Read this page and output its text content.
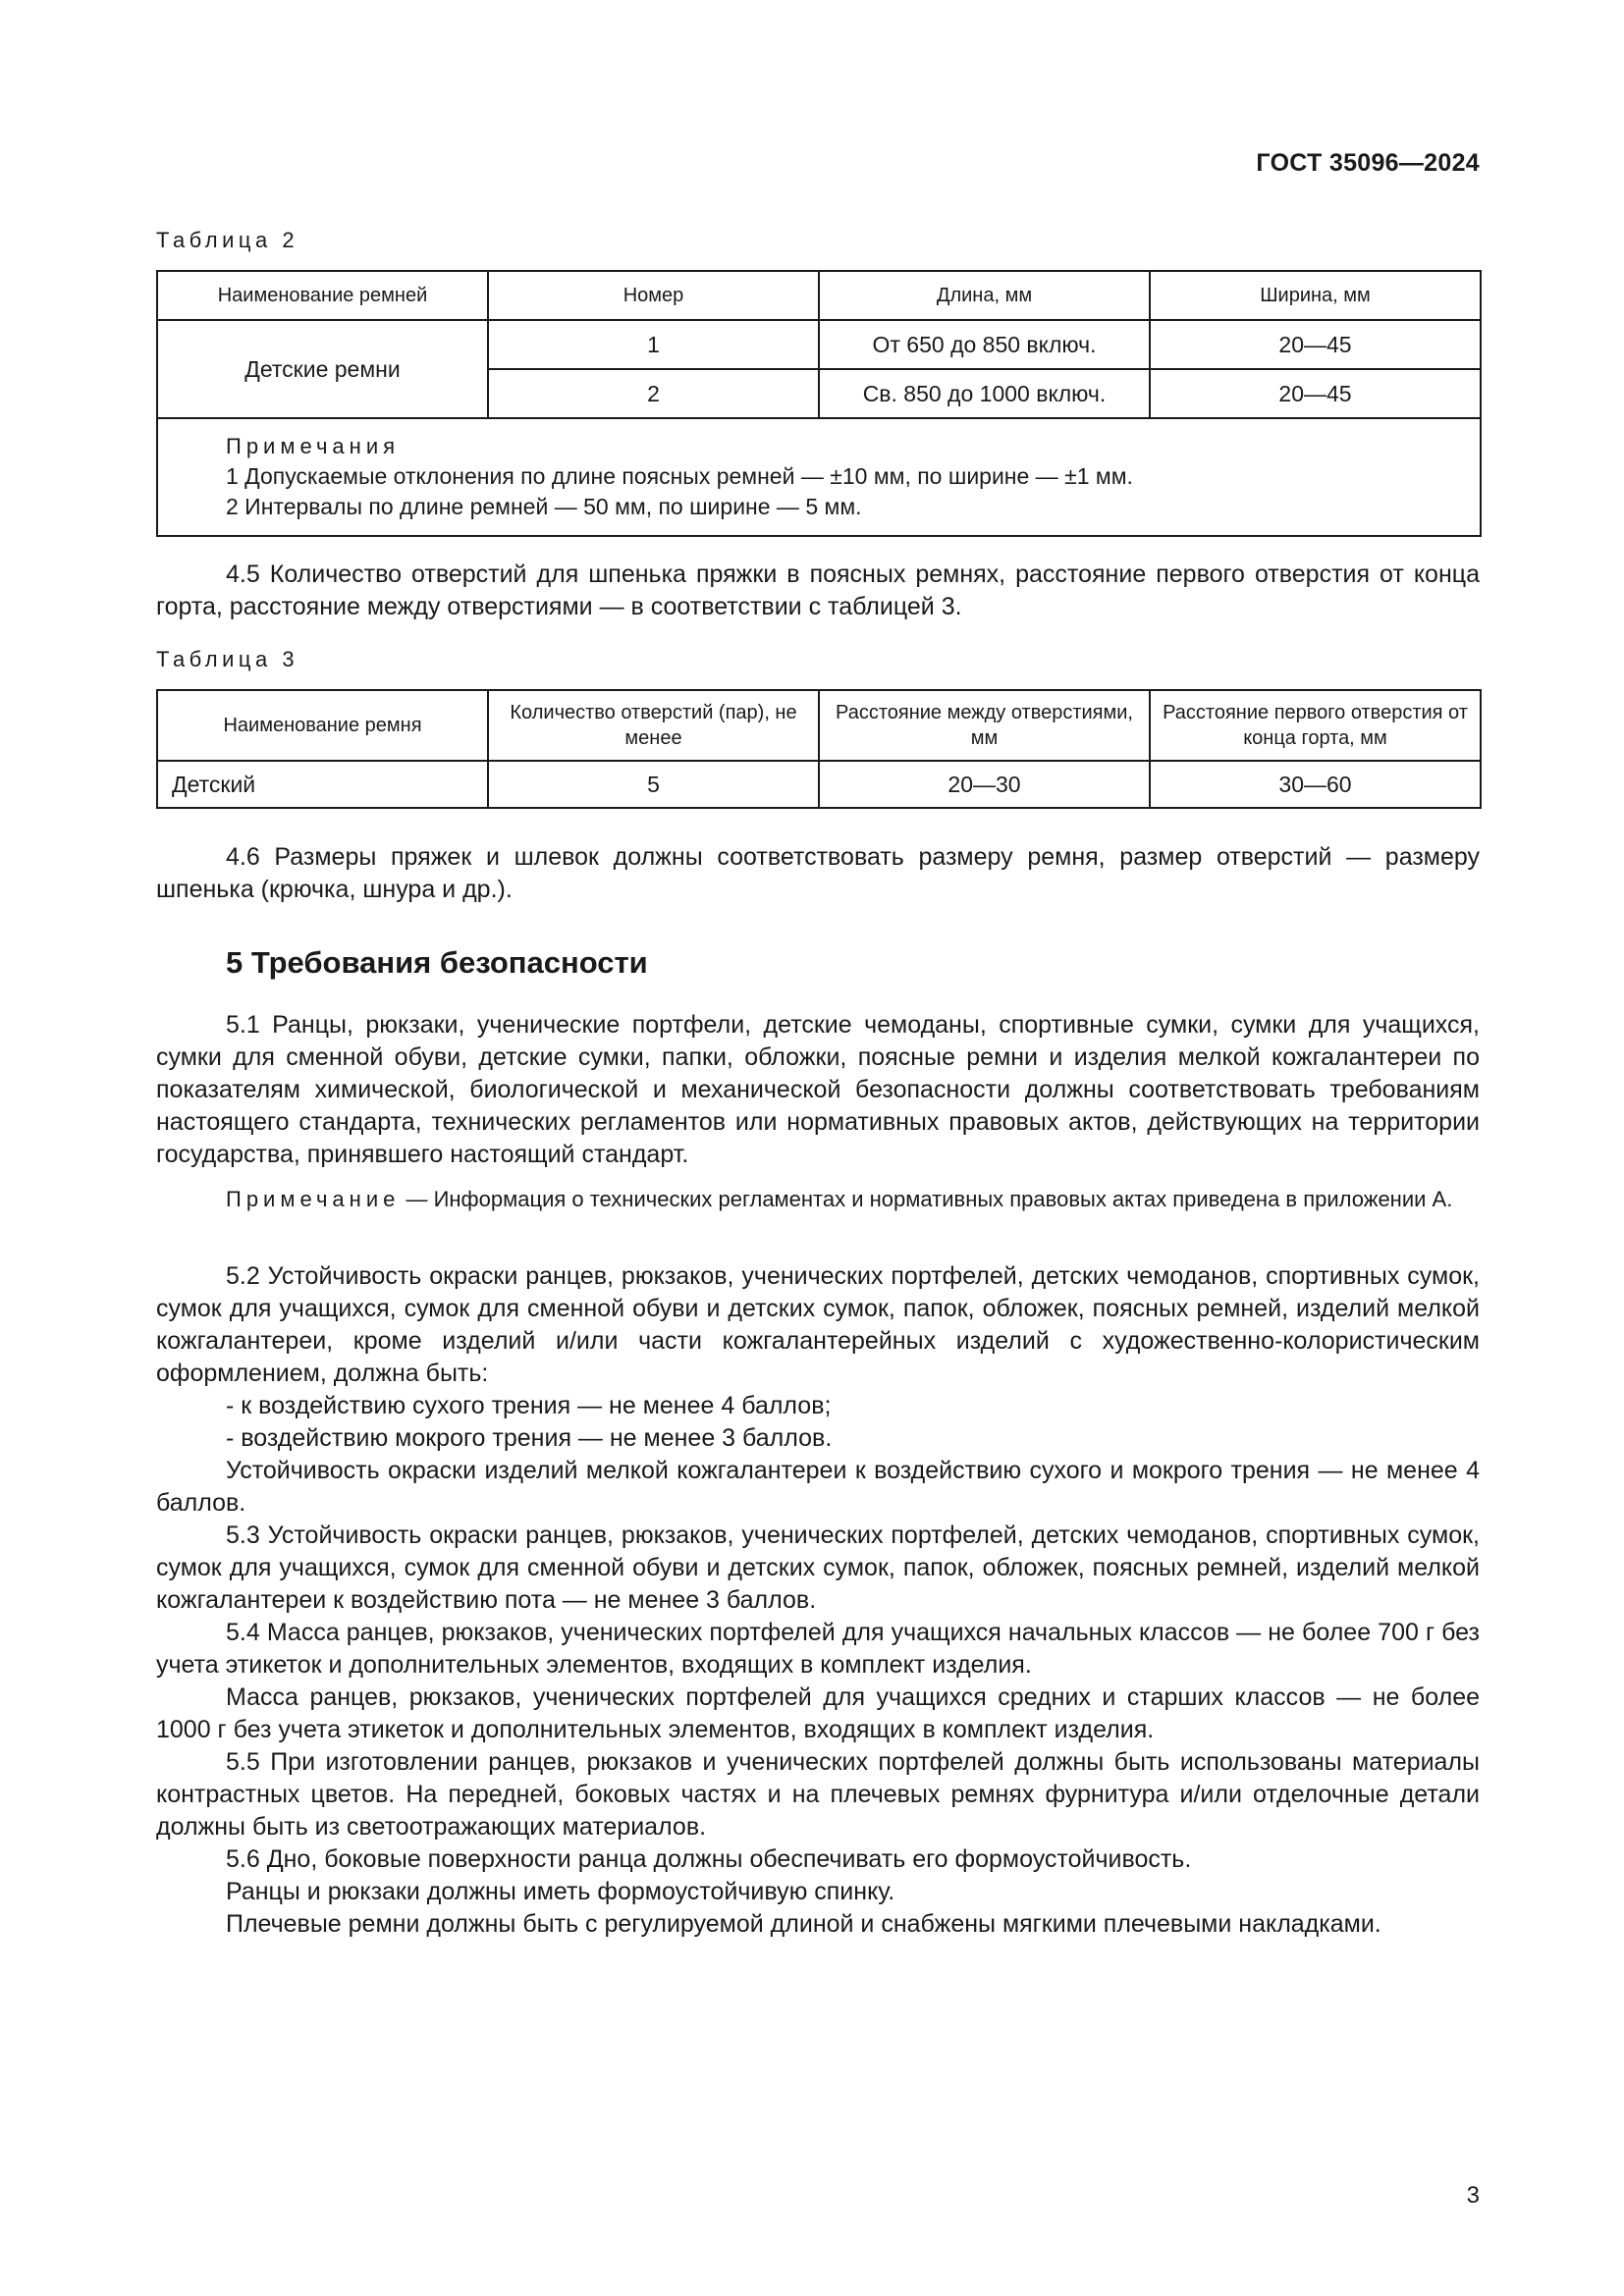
ГОСТ 35096—2024
Таблица 2
Наименование ремней	Номер	Длина, мм	Ширина, мм
Детские ремни	1	От 650 до 850 включ.	20—45
	2	Св. 850 до 1000 включ.	20—45

Примечания
1 Допускаемые отклонения по длине поясных ремней — ±10 мм, по ширине — ±1 мм.
2 Интервалы по длине ремней — 50 мм, по ширине — 5 мм.			

4.5 Количество отверстий для шпенька пряжки в поясных ремнях, расстояние первого отверстия от конца горта, расстояние между отверстиями — в соответствии с таблицей 3.

Таблица 3
Наименование ремня	Количество отверстий (пар), не менее	Расстояние между отверстиями, мм	Расстояние первого отверстия от конца горта, мм
Детский	5	20—30	30—60

4.6 Размеры пряжек и шлевок должны соответствовать размеру ремня, размер отверстий — размеру шпенька (крючка, шнура и др.).

5 Требования безопасности

5.1 Ранцы, рюкзаки, ученические портфели, детские чемоданы, спортивные сумки, сумки для учащихся, сумки для сменной обуви, детские сумки, папки, обложки, поясные ремни и изделия мелкой кожгалантереи по показателям химической, биологической и механической безопасности должны соответствовать требованиям настоящего стандарта, технических регламентов или нормативных правовых актов, действующих на территории государства, принявшего настоящий стандарт.

Примечание — Информация о технических регламентах и нормативных правовых актах приведена в приложении А.

5.2 Устойчивость окраски ранцев, рюкзаков, ученических портфелей, детских чемоданов, спортивных сумок, сумок для учащихся, сумок для сменной обуви и детских сумок, папок, обложек, поясных ремней, изделий мелкой кожгалантереи, кроме изделий и/или части кожгалантерейных изделий с художественно-колористическим оформлением, должна быть:

- к воздействию сухого трения — не менее 4 баллов;

- воздействию мокрого трения — не менее 3 баллов.

Устойчивость окраски изделий мелкой кожгалантереи к воздействию сухого и мокрого трения — не менее 4 баллов.

5.3 Устойчивость окраски ранцев, рюкзаков, ученических портфелей, детских чемоданов, спортивных сумок, сумок для учащихся, сумок для сменной обуви и детских сумок, папок, обложек, поясных ремней, изделий мелкой кожгалантереи к воздействию пота — не менее 3 баллов.

5.4 Масса ранцев, рюкзаков, ученических портфелей для учащихся начальных классов — не более 700 г без учета этикеток и дополнительных элементов, входящих в комплект изделия.

Масса ранцев, рюкзаков, ученических портфелей для учащихся средних и старших классов — не более 1000 г без учета этикеток и дополнительных элементов, входящих в комплект изделия.

5.5 При изготовлении ранцев, рюкзаков и ученических портфелей должны быть использованы материалы контрастных цветов. На передней, боковых частях и на плечевых ремнях фурнитура и/или отделочные детали должны быть из светоотражающих материалов.

5.6 Дно, боковые поверхности ранца должны обеспечивать его формоустойчивость.

Ранцы и рюкзаки должны иметь формоустойчивую спинку.

Плечевые ремни должны быть с регулируемой длиной и снабжены мягкими плечевыми накладками.

3
